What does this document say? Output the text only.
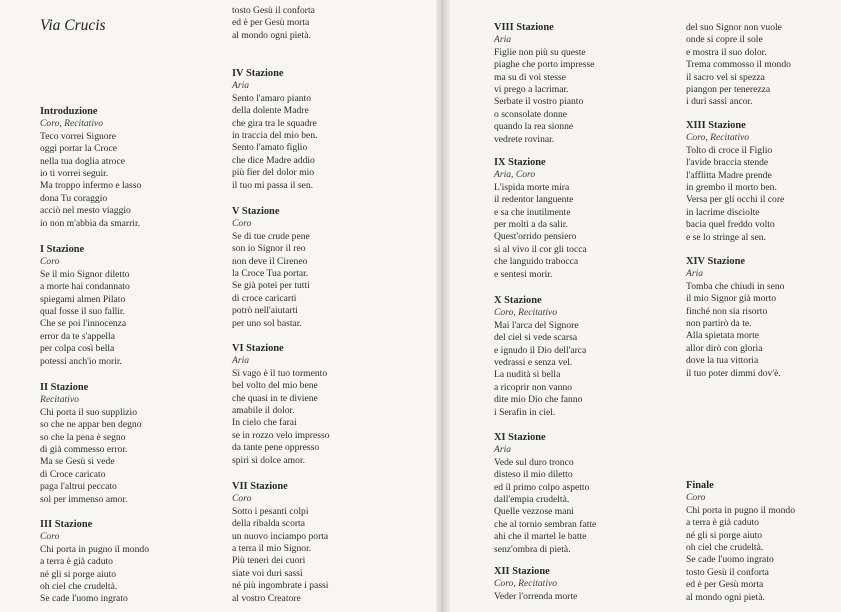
Via Crucis
Introduzione
Coro, Recitativo
Teco vorrei Signore
oggi portar la Croce
nella tua doglia atroce
io ti vorrei seguir.
Ma troppo infermo e lasso
dona Tu coraggio
acciò nel mesto viaggio
io non m'abbia da smarrir.
I Stazione
Coro
Se il mio Signor diletto
a morte hai condannato
spiegami almen Pilato
qual fosse il suo fallir.
Che se poi l'innocenza
error da te s'appella
per colpa così bella
potessi anch'io morir.
II Stazione
Recitativo
Chi porta il suo supplizio
so che ne appar ben degno
so che la pena è segno
di già commesso error.
Ma se Gesù si vede
di Croce caricato
paga l'altrui peccato
sol per immenso amor.
III Stazione
Coro
Chi porta in pugno il mondo
a terra è già caduto
né gli si porge aiuto
oh ciel che crudeltà.
Se cade l'uomo ingrato
tosto Gesù il conforta
ed è per Gesù morta
al mondo ogni pietà.
IV Stazione
Aria
Sento l'amaro pianto
della dolente Madre
che gira tra le squadre
in traccia del mio ben.
Sento l'amato figlio
che dice Madre addio
più fier del dolor mio
il tuo mi passa il sen.
V Stazione
Coro
Se di tue crude pene
son io Signor il reo
non deve il Cireneo
la Croce Tua portar.
Se già potei per tutti
di croce caricarti
potrò nell'aiutarti
per uno sol bastar.
VI Stazione
Aria
Sì vago è il tuo tormento
bel volto del mio bene
che quasi in te diviene
amabile il dolor.
In cielo che farai
se in rozzo velo impresso
da tante pene oppresso
spiri sì dolce amor.
VII Stazione
Coro
Sotto i pesanti colpi
della ribalda scorta
un nuovo inciampo porta
a terra il mio Signor.
Più teneri dei cuori
siate voi duri sassi
né più ingombrate i passi
al vostro Creatore
VIII Stazione
Aria
Figlie non più su queste
piaghe che porto impresse
ma su di voi stesse
vi prego a lacrimar.
Serbate il vostro pianto
o sconsolate donne
quando la rea sionne
vedrete rovinar.
IX Stazione
Aria, Coro
L'ispida morte mira
il redentor languente
e sa che inutilmente
per molti a da salir.
Quest'orrido pensiero
sì al vivo il cor gli tocca
che languido trabocca
e sentesi morir.
X Stazione
Coro, Recitativo
Mai l'arca del Signore
del ciel si vede scarsa
e ignudo il Dio dell'arca
vedrassi e senza vel.
La nudità sì bella
a ricoprir non vanno
dite mio Dio che fanno
i Serafin in ciel.
XI Stazione
Aria
Vede sul duro tronco
disteso il mio diletto
ed il primo colpo aspetto
dall'empia crudeltà.
Quelle vezzose mani
che al tornio sembran fatte
ahi che il martel le batte
senz'ombra di pietà.
XII Stazione
Coro, Recitativo
Veder l'orrenda morte
del suo Signor non vuole
onde si copre il sole
e mostra il suo dolor.
Trema commosso il mondo
il sacro vel si spezza
piangon per tenerezza
i duri sassi ancor.
XIII Stazione
Coro, Recitativo
Tolto di croce il Figlio
l'avide braccia stende
l'afflitta Madre prende
in grembo il morto ben.
Versa per gli occhi il core
in lacrime disciolte
bacia quel freddo volto
e se lo stringe al sen.
XIV Stazione
Aria
Tomba che chiudi in seno
il mio Signor già morto
finché non sia risorto
non partirò da te.
Alla spietata morte
allor dirò con gloria
dove la tua vittoria
il tuo poter dimmi dov'è.
Finale
Coro
Chi porta in pugno il mondo
a terra è già caduto
né gli si porge aiuto
oh ciel che crudeltà.
Se cade l'uomo ingrato
tosto Gesù il conforta
ed è per Gesù morta
al mondo ogni pietà.
